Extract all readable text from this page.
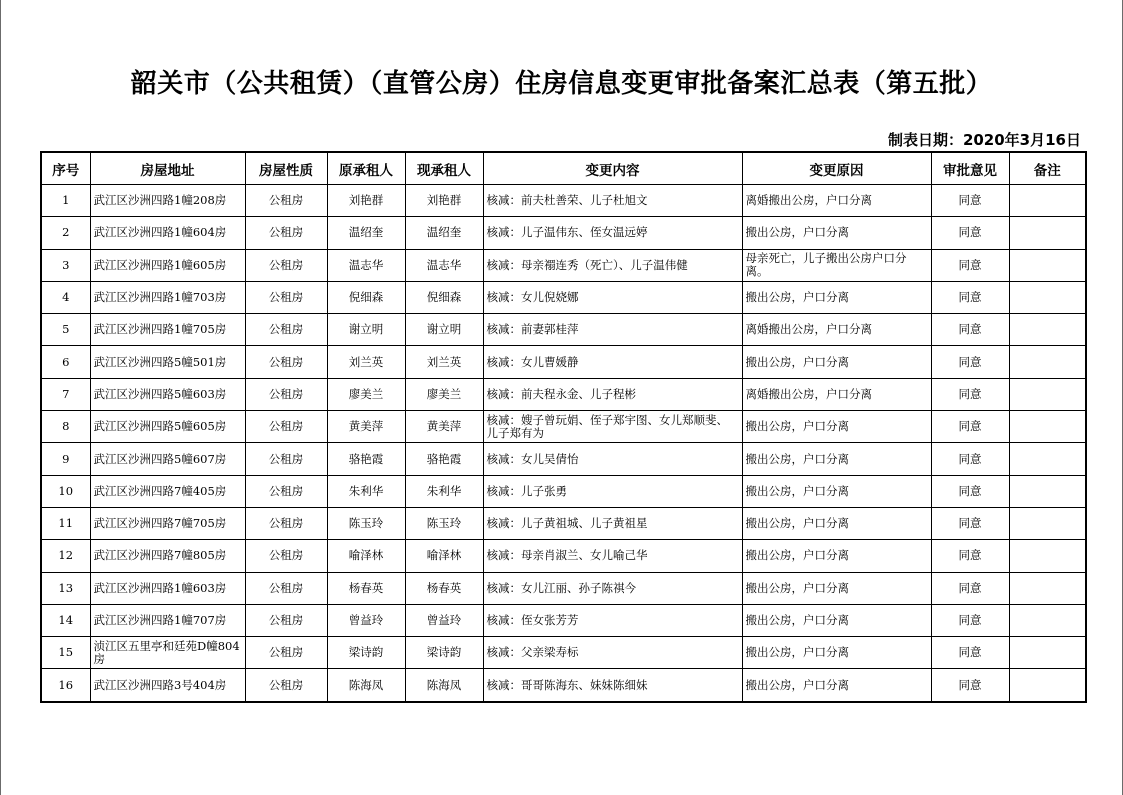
韶关市（公共租赁）（直管公房）住房信息变更审批备案汇总表（第五批）
制表日期：2020年3月16日
序号	房屋地址	房屋性质	原承租人	现承租人	变更内容	变更原因	审批意见	备注
1	武江区沙洲四路1幢208房	公租房	刘艳群	刘艳群	核减：前夫杜善荣、儿子杜旭文	离婚搬出公房，户口分离	同意	
2	武江区沙洲四路1幢604房	公租房	温绍奎	温绍奎	核减：儿子温伟东、侄女温远婷	搬出公房，户口分离	同意	
3	武江区沙洲四路1幢605房	公租房	温志华	温志华	核减：母亲禤连秀（死亡）、儿子温伟健	母亲死亡，儿子搬出公房户口分离。	同意	
4	武江区沙洲四路1幢703房	公租房	倪细森	倪细森	核减：女儿倪娆娜	搬出公房，户口分离	同意	
5	武江区沙洲四路1幢705房	公租房	谢立明	谢立明	核减：前妻郭桂萍	离婚搬出公房，户口分离	同意	
6	武江区沙洲四路5幢501房	公租房	刘兰英	刘兰英	核减：女儿曹媛静	搬出公房，户口分离	同意	
7	武江区沙洲四路5幢603房	公租房	廖美兰	廖美兰	核减：前夫程永金、儿子程彬	离婚搬出公房，户口分离	同意	
8	武江区沙洲四路5幢605房	公租房	黄美萍	黄美萍	核减：嫂子曾玩娟、侄子郑宇图、女儿郑顺斐、儿子郑有为	搬出公房，户口分离	同意	
9	武江区沙洲四路5幢607房	公租房	骆艳霞	骆艳霞	核减：女儿吴倩怡	搬出公房，户口分离	同意	
10	武江区沙洲四路7幢405房	公租房	朱利华	朱利华	核减：儿子张勇	搬出公房，户口分离	同意	
11	武江区沙洲四路7幢705房	公租房	陈玉玲	陈玉玲	核减：儿子黄祖城、儿子黄祖星	搬出公房，户口分离	同意	
12	武江区沙洲四路7幢805房	公租房	喻泽林	喻泽林	核减：母亲肖淑兰、女儿喻己华	搬出公房，户口分离	同意	
13	武江区沙洲四路1幢603房	公租房	杨春英	杨春英	核减：女儿江丽、孙子陈祺今	搬出公房，户口分离	同意	
14	武江区沙洲四路1幢707房	公租房	曾益玲	曾益玲	核减：侄女张芳芳	搬出公房，户口分离	同意	
15	浈江区五里亭和廷苑D幢804房	公租房	梁诗韵	梁诗韵	核减：父亲梁寿标	搬出公房，户口分离	同意	
16	武江区沙洲四路3号404房	公租房	陈海凤	陈海凤	核减：哥哥陈海东、妹妹陈细妹	搬出公房，户口分离	同意	
